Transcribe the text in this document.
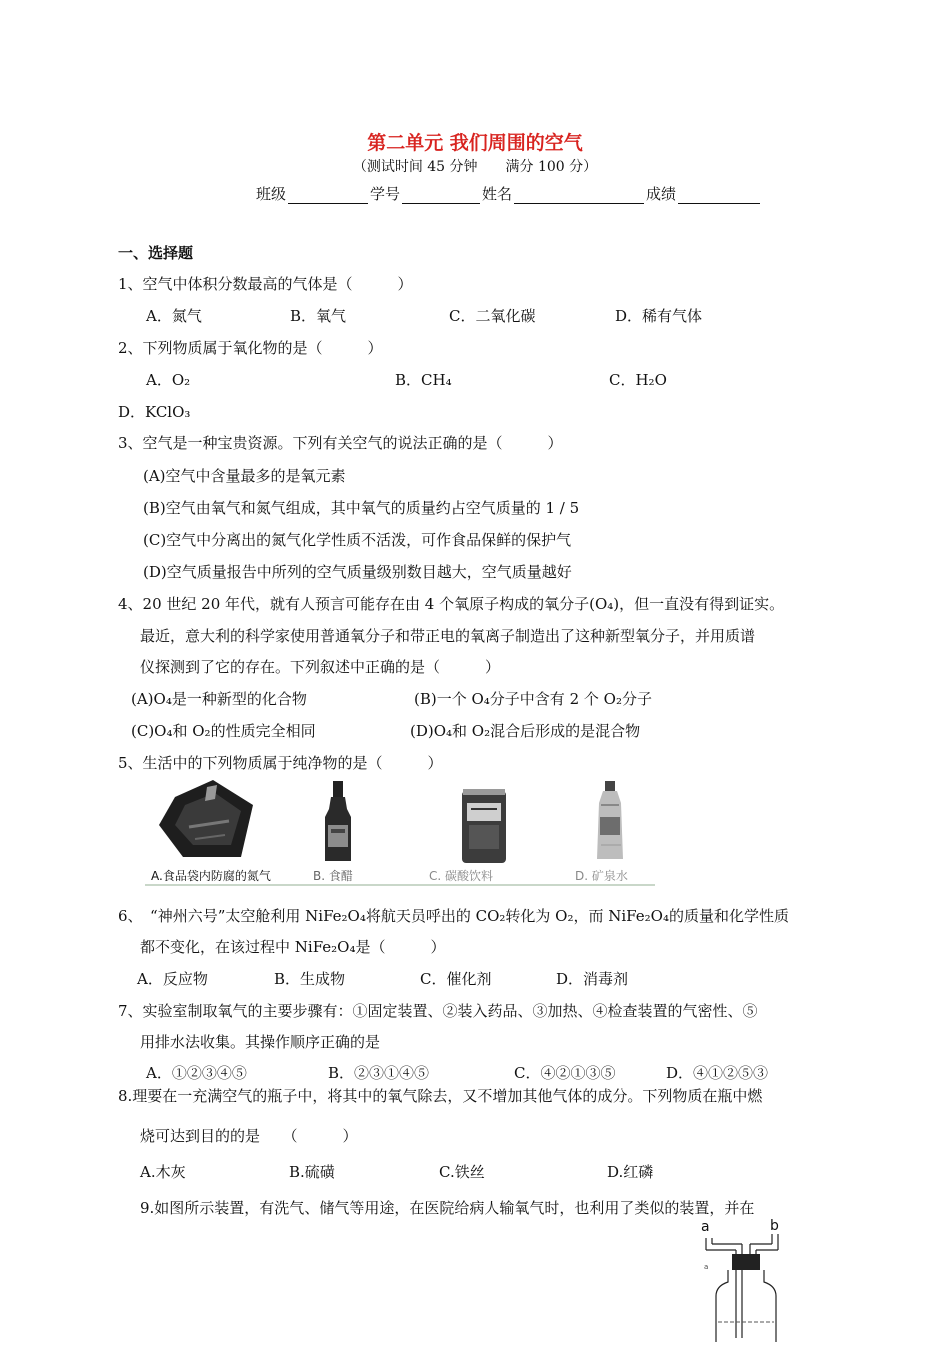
第二单元 我们周围的空气
（测试时间 45 分钟　　满分 100 分）
班级	学号	姓名	成绩
一、选择题
1、空气中体积分数最高的气体是（　　　）
A．氮气	B．氧气	C．二氧化碳	D．稀有气体
2、下列物质属于氧化物的是（　　　）
A．O₂	B．CH₄	C．H₂O
D．KClO₃
3、空气是一种宝贵资源。下列有关空气的说法正确的是（　　　）
(A)空气中含量最多的是氧元素
(B)空气由氧气和氮气组成，其中氧气的质量约占空气质量的 1 / 5
(C)空气中分离出的氮气化学性质不活泼，可作食品保鲜的保护气
(D)空气质量报告中所列的空气质量级别数目越大，空气质量越好
4、20 世纪 20 年代，就有人预言可能存在由 4 个氧原子构成的氧分子(O₄)，但一直没有得到证实。
最近，意大利的科学家使用普通氧分子和带正电的氧离子制造出了这种新型氧分子，并用质谱
仪探测到了它的存在。下列叙述中正确的是（　　　）
(A)O₄是一种新型的化合物	(B)一个 O₄分子中含有 2 个 O₂分子
(C)O₄和 O₂的性质完全相同	(D)O₄和 O₂混合后形成的是混合物
5、生活中的下列物质属于纯净物的是（　　　）
A.食品袋内防腐的氮气	B. 食醋	C. 碳酸饮料	D. 矿泉水
6、　“神州六号”太空舱利用 NiFe₂O₄将航天员呼出的 CO₂转化为 O₂，而 NiFe₂O₄的质量和化学性质
都不变化，在该过程中 NiFe₂O₄是（　　　）
A．反应物	B．生成物	C．催化剂	D．消毒剂
7、实验室制取氧气的主要步骤有：①固定装置、②装入药品、③加热、④检查装置的气密性、⑤
用排水法收集。其操作顺序正确的是
A．①②③④⑤	B．②③①④⑤	C．④②①③⑤	D．④①②⑤③
8.理要在一充满空气的瓶子中，将其中的氧气除去，又不增加其他气体的成分。下列物质在瓶中燃
烧可达到目的的是　　（　　　）
A.木灰	B.硫磺	C.铁丝	D.红磷
9.如图所示装置，有洗气、储气等用途，在医院给病人输氧气时，也利用了类似的装置，并在
a
a	b
